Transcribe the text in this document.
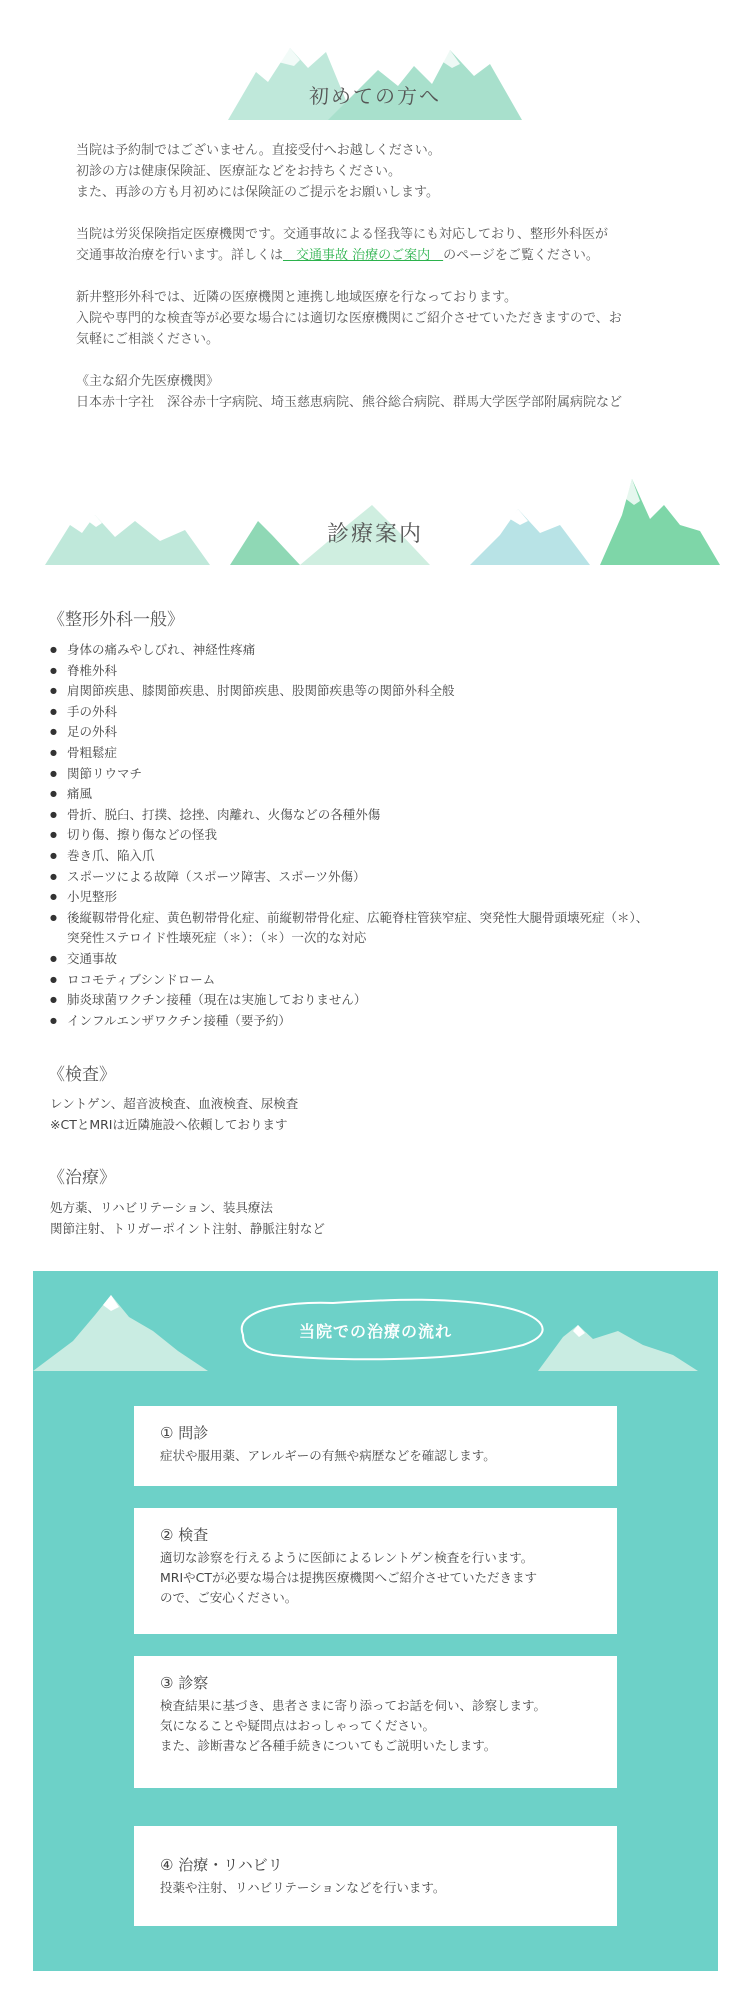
初めての方へ

当院は予約制ではございません。直接受付へお越しください。
初診の方は健康保険証、医療証などをお持ちください。
また、再診の方も月初めには保険証のご提示をお願いします。

当院は労災保険指定医療機関です。交通事故による怪我等にも対応しており、整形外科医が
交通事故治療を行います。詳しくは　交通事故 治療のご案内　のページをご覧ください。

新井整形外科では、近隣の医療機関と連携し地域医療を行なっております。
入院や専門的な検査等が必要な場合には適切な医療機関にご紹介させていただきますので、お
気軽にご相談ください。

《主な紹介先医療機関》
日本赤十字社　深谷赤十字病院、埼玉慈恵病院、熊谷総合病院、群馬大学医学部附属病院など

診療案内
《整形外科一般》
● 身体の痛みやしびれ、神経性疼痛
● 脊椎外科
● 肩関節疾患、膝関節疾患、肘関節疾患、股関節疾患等の関節外科全般
● 手の外科
● 足の外科
● 骨粗鬆症
● 関節リウマチ
● 痛風
● 骨折、脱臼、打撲、捻挫、肉離れ、火傷などの各種外傷
● 切り傷、擦り傷などの怪我
● 巻き爪、陥入爪
● スポーツによる故障（スポーツ障害、スポーツ外傷）
● 小児整形
● 後縦靱帯骨化症、黄色靭帯骨化症、前縦靭帯骨化症、広範脊柱管狭窄症、突発性大腿骨頭壊死症（＊）、
突発性ステロイド性壊死症（＊）：（＊）一次的な対応
● 交通事故
● ロコモティブシンドローム
● 肺炎球菌ワクチン接種（現在は実施しておりません）
● インフルエンザワクチン接種（要予約）
《検査》
レントゲン、超音波検査、血液検査、尿検査
※CTとMRIは近隣施設へ依頼しております
《治療》
処方薬、リハビリテーション、装具療法
関節注射、トリガーポイント注射、静脈注射など
当院での治療の流れ
① 問診
症状や服用薬、アレルギーの有無や病歴などを確認します。
② 検査
適切な診察を行えるように医師によるレントゲン検査を行います。
MRIやCTが必要な場合は提携医療機関へご紹介させていただきます
ので、ご安心ください。
③ 診察
検査結果に基づき、患者さまに寄り添ってお話を伺い、診察します。
気になることや疑問点はおっしゃってください。
また、診断書など各種手続きについてもご説明いたします。
④ 治療・リハビリ
投薬や注射、リハビリテーションなどを行います。
